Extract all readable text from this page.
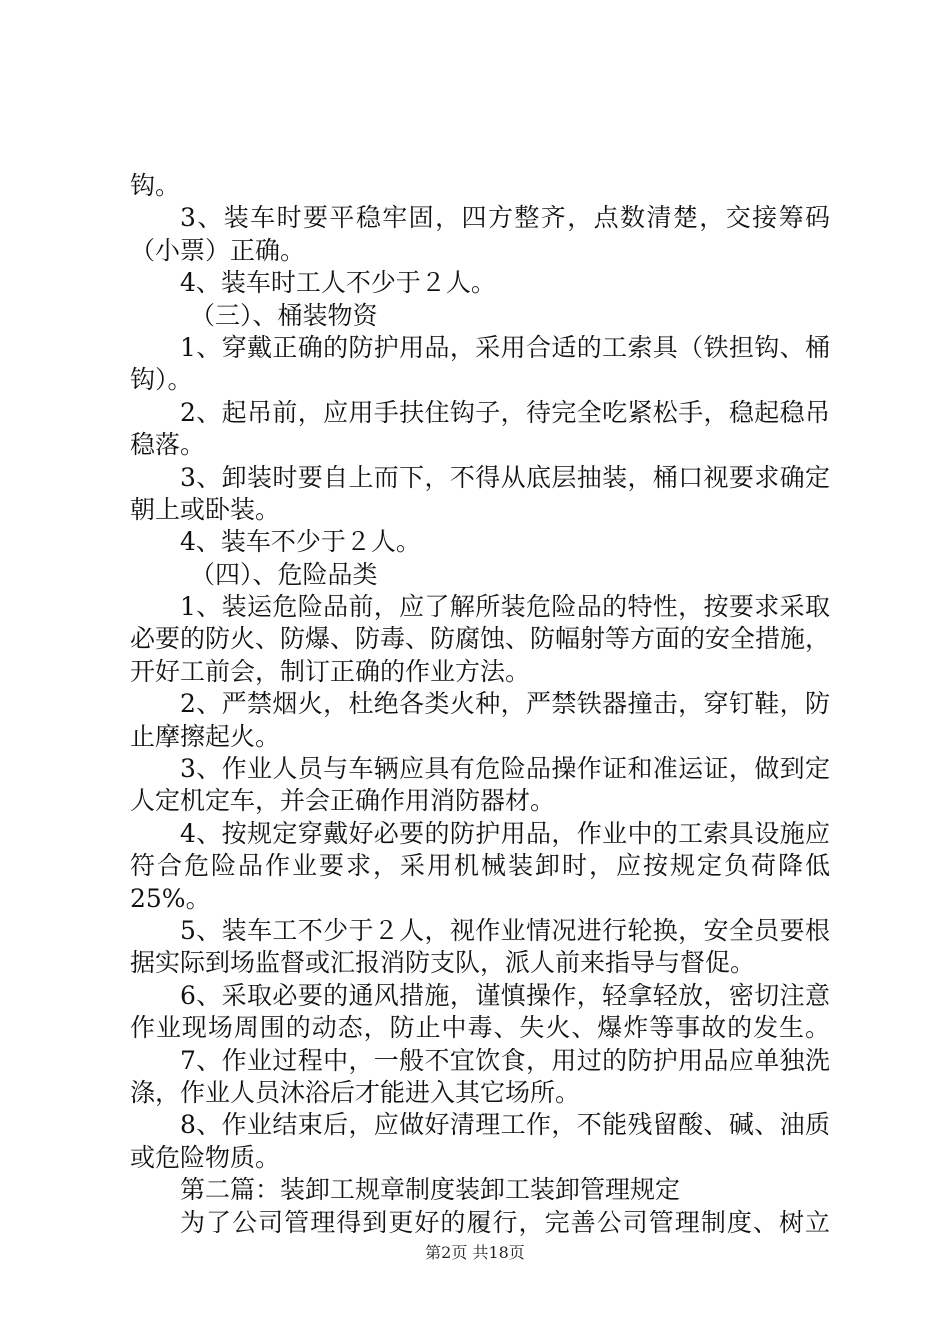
钩。
3、装车时要平稳牢固，四方整齐，点数清楚，交接筹码
（小票）正确。
4、装车时工人不少于２人。
（三）、桶装物资
1、穿戴正确的防护用品，采用合适的工索具（铁担钩、桶
钩）。
2、起吊前，应用手扶住钩子，待完全吃紧松手，稳起稳吊
稳落。
3、卸装时要自上而下，不得从底层抽装，桶口视要求确定
朝上或卧装。
4、装车不少于２人。
（四）、危险品类
1、装运危险品前，应了解所装危险品的特性，按要求采取
必要的防火、防爆、防毒、防腐蚀、防幅射等方面的安全措施，
开好工前会，制订正确的作业方法。
2、严禁烟火，杜绝各类火种，严禁铁器撞击，穿钉鞋，防
止摩擦起火。
3、作业人员与车辆应具有危险品操作证和准运证，做到定
人定机定车，并会正确作用消防器材。
4、按规定穿戴好必要的防护用品，作业中的工索具设施应
符合危险品作业要求，采用机械装卸时，应按规定负荷降低
25%。
5、装车工不少于２人，视作业情况进行轮换，安全员要根
据实际到场监督或汇报消防支队，派人前来指导与督促。
6、采取必要的通风措施，谨慎操作，轻拿轻放，密切注意
作业现场周围的动态，防止中毒、失火、爆炸等事故的发生。
7、作业过程中，一般不宜饮食，用过的防护用品应单独洗
涤，作业人员沐浴后才能进入其它场所。
8、作业结束后，应做好清理工作，不能残留酸、碱、油质
或危险物质。
第二篇：装卸工规章制度装卸工装卸管理规定
为了公司管理得到更好的履行，完善公司管理制度、树立
第2页 共18页
